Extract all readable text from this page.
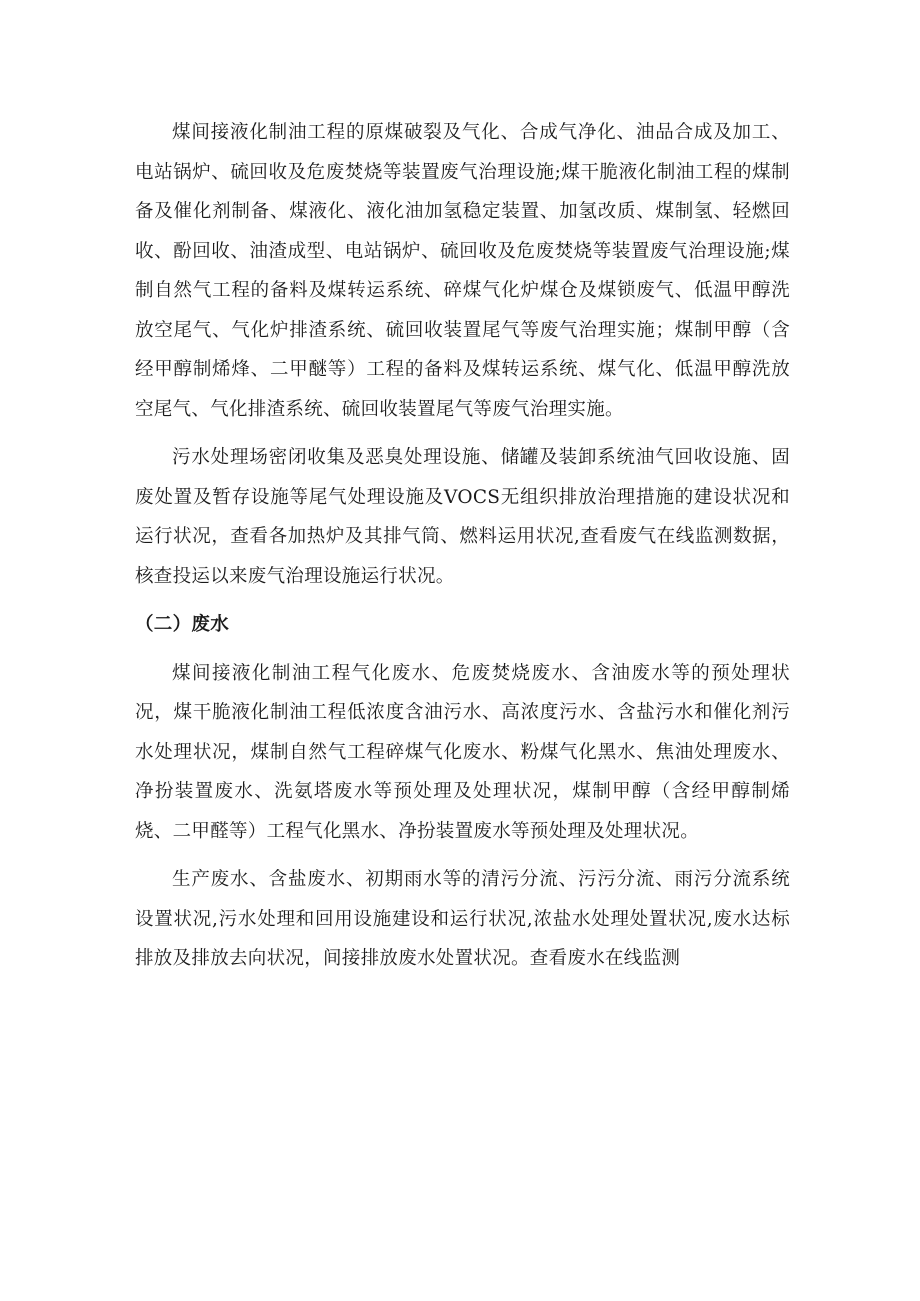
煤间接液化制油工程的原煤破裂及气化、合成气净化、油品合成及加工、电站锅炉、硫回收及危废焚烧等装置废气治理设施;煤干脆液化制油工程的煤制备及催化剂制备、煤液化、液化油加氢稳定装置、加氢改质、煤制氢、轻燃回收、酚回收、油渣成型、电站锅炉、硫回收及危废焚烧等装置废气治理设施;煤制自然气工程的备料及煤转运系统、碎煤气化炉煤仓及煤锁废气、低温甲醇洗放空尾气、气化炉排渣系统、硫回收装置尾气等废气治理实施；煤制甲醇（含经甲醇制烯烽、二甲醚等）工程的备料及煤转运系统、煤气化、低温甲醇洗放空尾气、气化排渣系统、硫回收装置尾气等废气治理实施。

污水处理场密闭收集及恶臭处理设施、储罐及装卸系统油气回收设施、固废处置及暂存设施等尾气处理设施及VOCS无组织排放治理措施的建设状况和运行状况，查看各加热炉及其排气筒、燃料运用状况,查看废气在线监测数据，核查投运以来废气治理设施运行状况。

（二）废水

煤间接液化制油工程气化废水、危废焚烧废水、含油废水等的预处理状况，煤干脆液化制油工程低浓度含油污水、高浓度污水、含盐污水和催化剂污水处理状况，煤制自然气工程碎煤气化废水、粉煤气化黑水、焦油处理废水、净扮装置废水、洗氨塔废水等预处理及处理状况，煤制甲醇（含经甲醇制烯烧、二甲醛等）工程气化黑水、净扮装置废水等预处理及处理状况。

生产废水、含盐废水、初期雨水等的清污分流、污污分流、雨污分流系统设置状况,污水处理和回用设施建设和运行状况,浓盐水处理处置状况,废水达标排放及排放去向状况，间接排放废水处置状况。查看废水在线监测
